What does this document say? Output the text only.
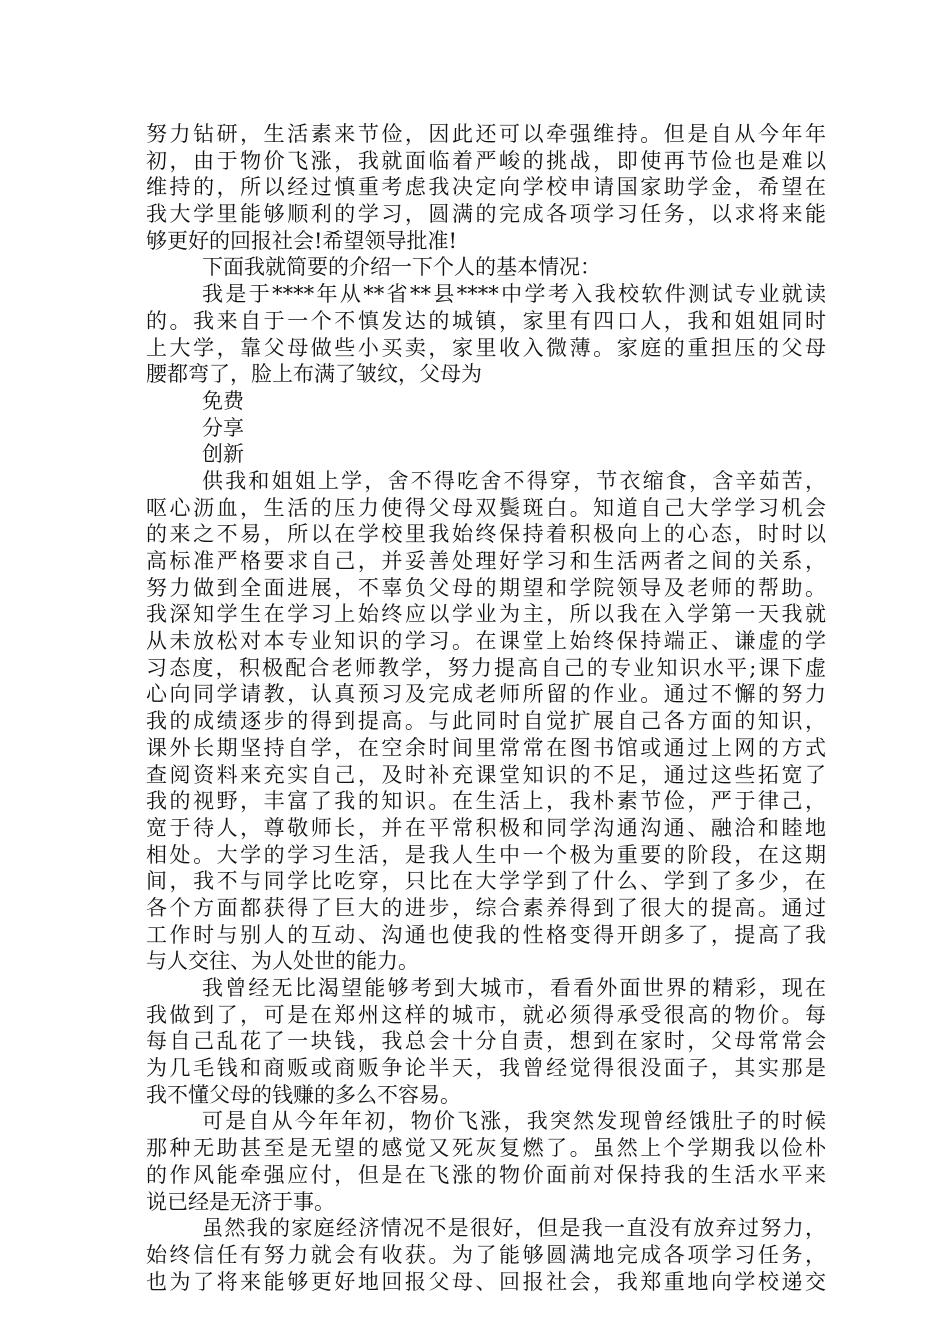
努力钻研，生活素来节俭，因此还可以牵强维持。但是自从今年年
初，由于物价飞涨，我就面临着严峻的挑战，即使再节俭也是难以
维持的，所以经过慎重考虑我决定向学校申请国家助学金，希望在
我大学里能够顺利的学习，圆满的完成各项学习任务，以求将来能
够更好的回报社会!希望领导批准!
下面我就简要的介绍一下个人的基本情况：
我是于****年从**省**县****中学考入我校软件测试专业就读
的。我来自于一个不慎发达的城镇，家里有四口人，我和姐姐同时
上大学，靠父母做些小买卖，家里收入微薄。家庭的重担压的父母
腰都弯了，脸上布满了皱纹，父母为
免费
分享
创新
供我和姐姐上学，舍不得吃舍不得穿，节衣缩食，含辛茹苦，
呕心沥血，生活的压力使得父母双鬓斑白。知道自己大学学习机会
的来之不易，所以在学校里我始终保持着积极向上的心态，时时以
高标准严格要求自己，并妥善处理好学习和生活两者之间的关系，
努力做到全面进展，不辜负父母的期望和学院领导及老师的帮助。
我深知学生在学习上始终应以学业为主，所以我在入学第一天我就
从未放松对本专业知识的学习。在课堂上始终保持端正、谦虚的学
习态度，积极配合老师教学，努力提高自己的专业知识水平;课下虚
心向同学请教，认真预习及完成老师所留的作业。通过不懈的努力
我的成绩逐步的得到提高。与此同时自觉扩展自己各方面的知识，
课外长期坚持自学，在空余时间里常常在图书馆或通过上网的方式
查阅资料来充实自己，及时补充课堂知识的不足，通过这些拓宽了
我的视野，丰富了我的知识。在生活上，我朴素节俭，严于律己，
宽于待人，尊敬师长，并在平常积极和同学沟通沟通、融洽和睦地
相处。大学的学习生活，是我人生中一个极为重要的阶段，在这期
间，我不与同学比吃穿，只比在大学学到了什么、学到了多少，在
各个方面都获得了巨大的进步，综合素养得到了很大的提高。通过
工作时与别人的互动、沟通也使我的性格变得开朗多了，提高了我
与人交往、为人处世的能力。
我曾经无比渴望能够考到大城市，看看外面世界的精彩，现在
我做到了，可是在郑州这样的城市，就必须得承受很高的物价。每
每自己乱花了一块钱，我总会十分自责，想到在家时，父母常常会
为几毛钱和商贩或商贩争论半天，我曾经觉得很没面子，其实那是
我不懂父母的钱赚的多么不容易。
可是自从今年年初，物价飞涨，我突然发现曾经饿肚子的时候
那种无助甚至是无望的感觉又死灰复燃了。虽然上个学期我以俭朴
的作风能牵强应付，但是在飞涨的物价面前对保持我的生活水平来
说已经是无济于事。
虽然我的家庭经济情况不是很好，但是我一直没有放弃过努力，
始终信任有努力就会有收获。为了能够圆满地完成各项学习任务，
也为了将来能够更好地回报父母、回报社会，我郑重地向学校递交
